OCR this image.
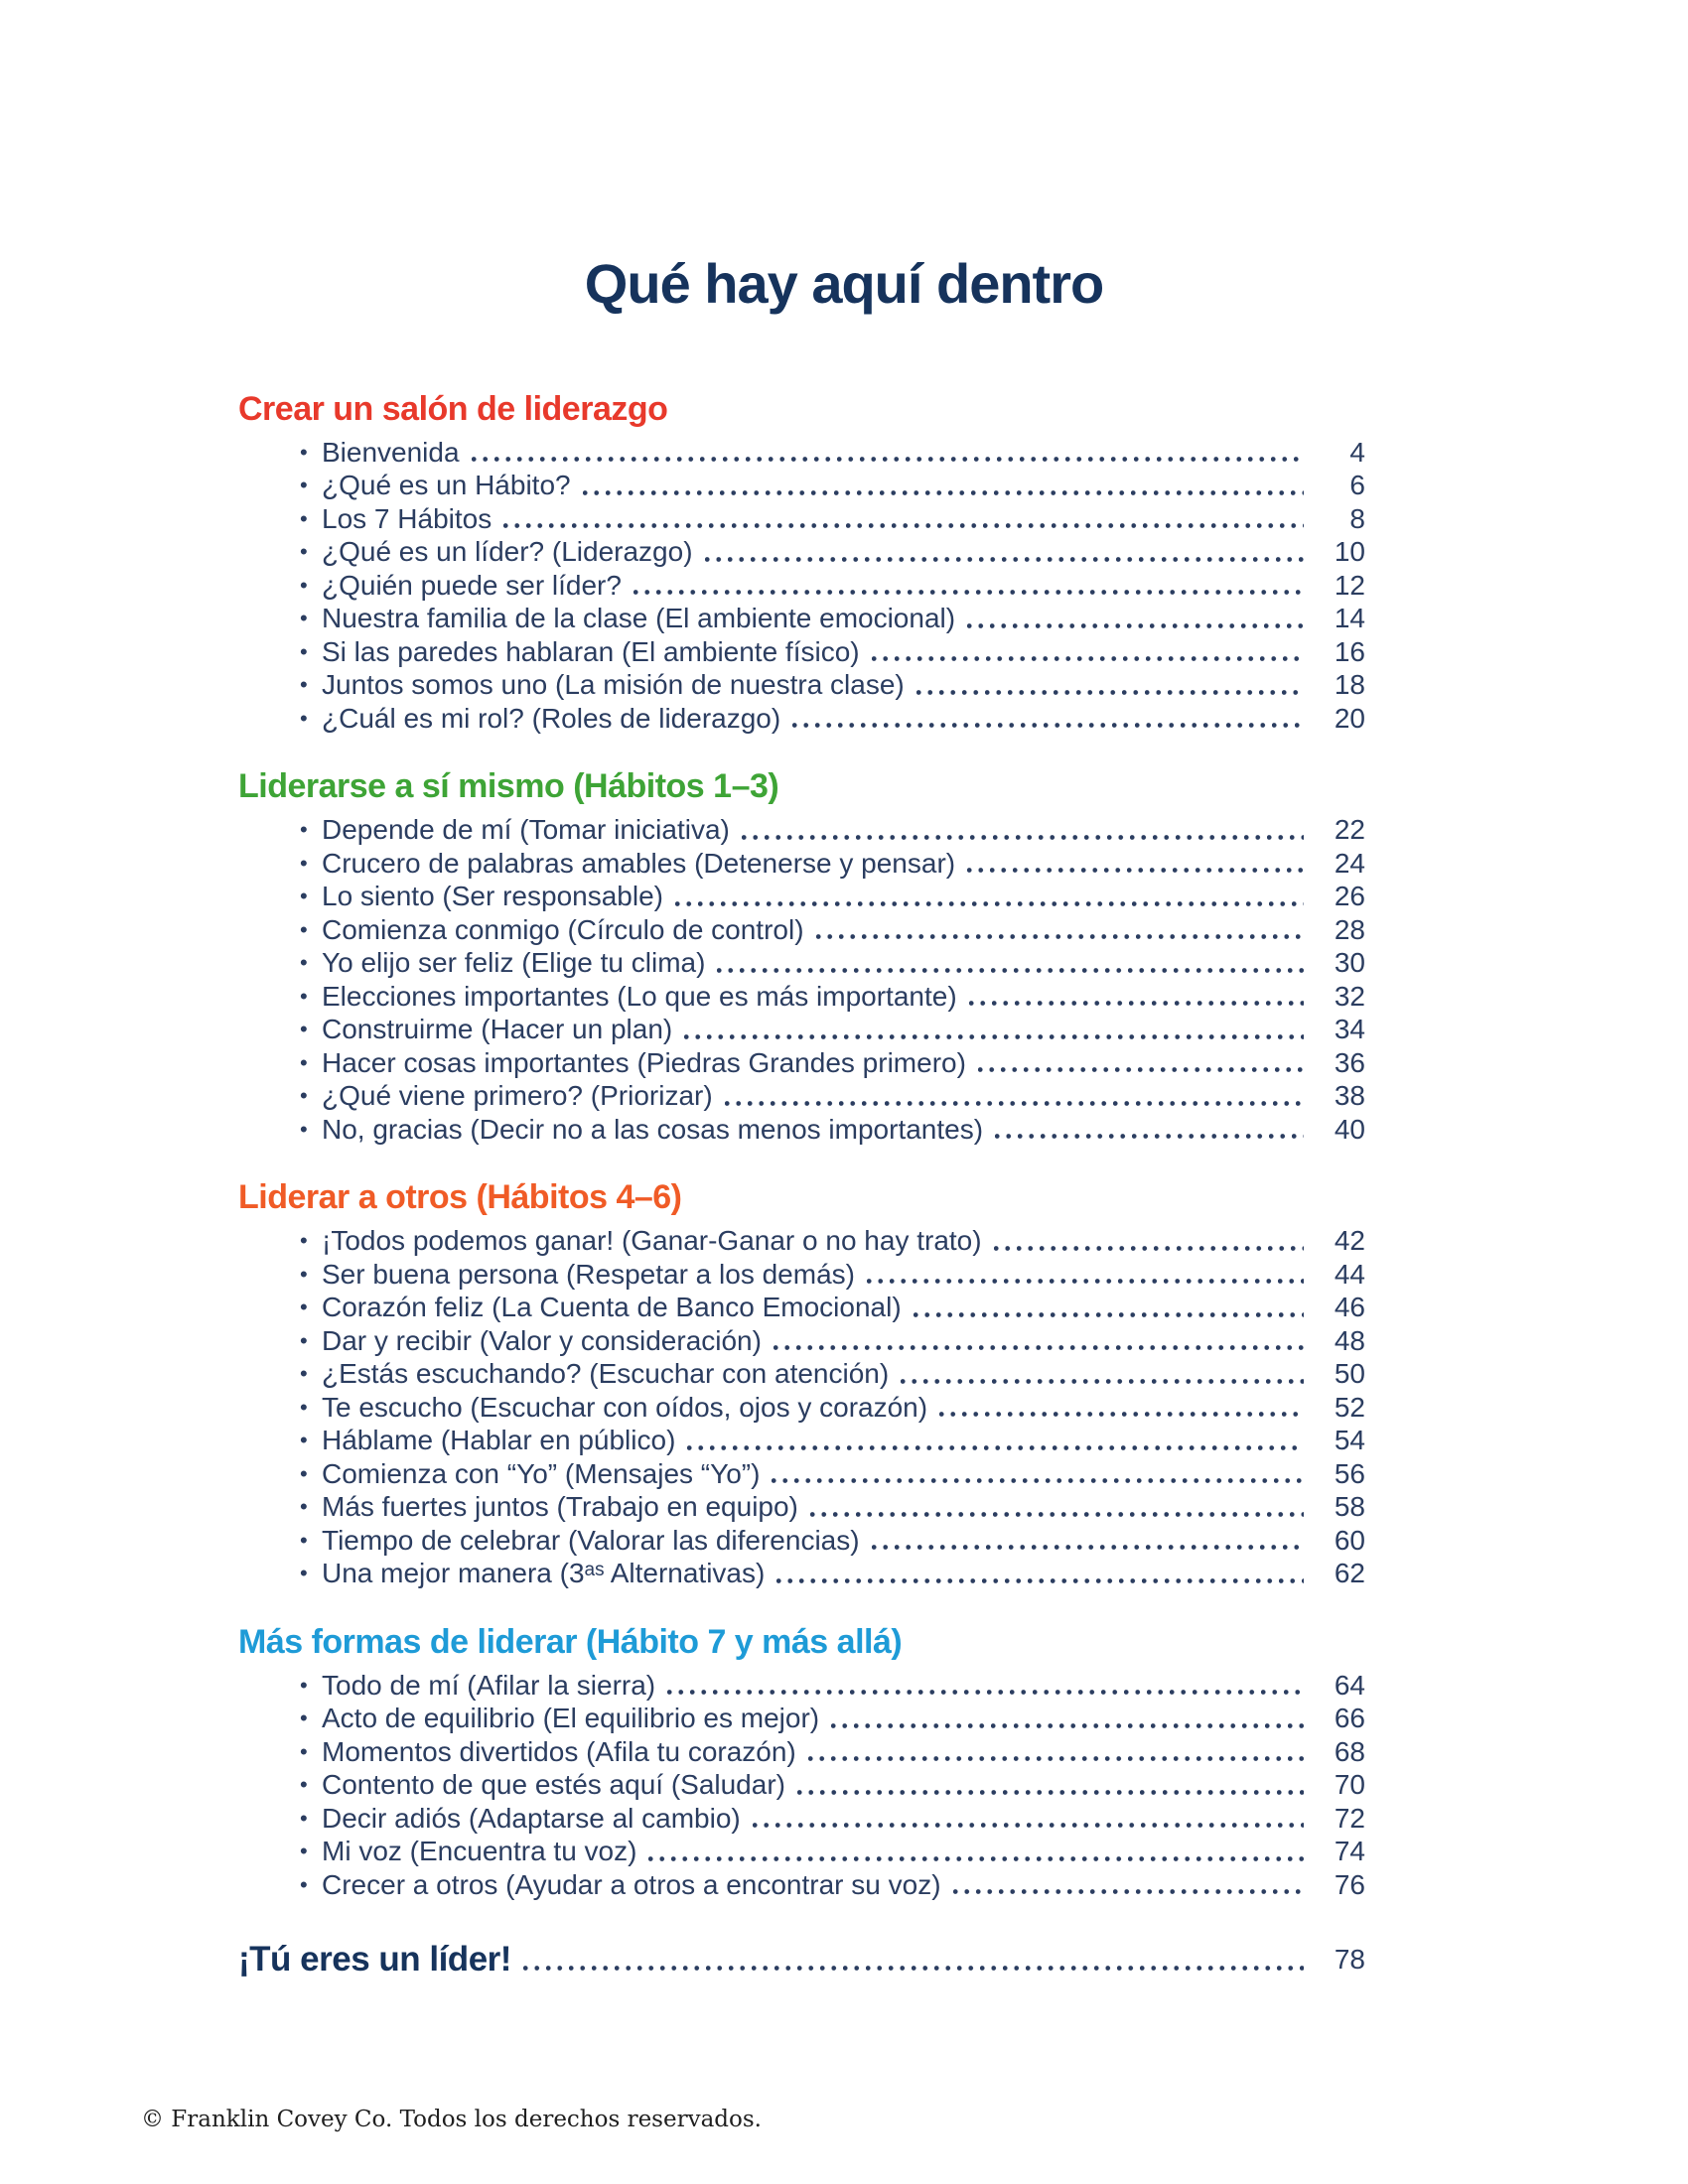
Qué hay aquí dentro
Crear un salón de liderazgo
• Bienvenida	4
• ¿Qué es un Hábito?	6
• Los 7 Hábitos	8
• ¿Qué es un líder? (Liderazgo)	10
• ¿Quién puede ser líder?	12
• Nuestra familia de la clase (El ambiente emocional)	14
• Si las paredes hablaran (El ambiente físico)	16
• Juntos somos uno (La misión de nuestra clase)	18
• ¿Cuál es mi rol? (Roles de liderazgo)	20
Liderarse a sí mismo (Hábitos 1–3)
• Depende de mí (Tomar iniciativa)	22
• Crucero de palabras amables (Detenerse y pensar)	24
• Lo siento (Ser responsable)	26
• Comienza conmigo (Círculo de control)	28
• Yo elijo ser feliz (Elige tu clima)	30
• Elecciones importantes (Lo que es más importante)	32
• Construirme (Hacer un plan)	34
• Hacer cosas importantes (Piedras Grandes primero)	36
• ¿Qué viene primero? (Priorizar)	38
• No, gracias (Decir no a las cosas menos importantes)	40
Liderar a otros (Hábitos 4–6)
• ¡Todos podemos ganar! (Ganar-Ganar o no hay trato)	42
• Ser buena persona (Respetar a los demás)	44
• Corazón feliz (La Cuenta de Banco Emocional)	46
• Dar y recibir (Valor y consideración)	48
• ¿Estás escuchando? (Escuchar con atención)	50
• Te escucho (Escuchar con oídos, ojos y corazón)	52
• Háblame (Hablar en público)	54
• Comienza con “Yo” (Mensajes “Yo”)	56
• Más fuertes juntos (Trabajo en equipo)	58
• Tiempo de celebrar (Valorar las diferencias)	60
• Una mejor manera (3ᵃˢ Alternativas)	62
Más formas de liderar (Hábito 7 y más allá)
• Todo de mí (Afilar la sierra)	64
• Acto de equilibrio (El equilibrio es mejor)	66
• Momentos divertidos (Afila tu corazón)	68
• Contento de que estés aquí (Saludar)	70
• Decir adiós (Adaptarse al cambio)	72
• Mi voz (Encuentra tu voz)	74
• Crecer a otros (Ayudar a otros a encontrar su voz)	76
¡Tú eres un líder!	78
© Franklin Covey Co. Todos los derechos reservados.
